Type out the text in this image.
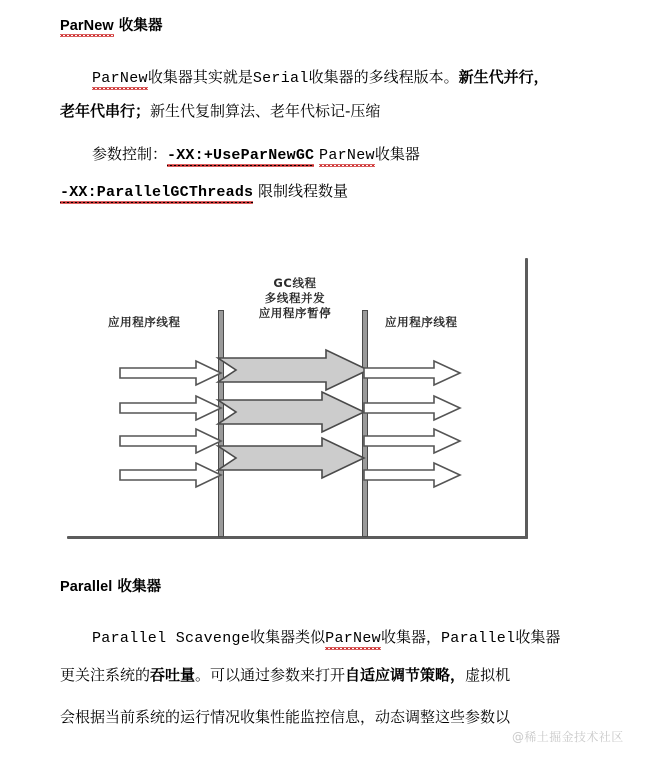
ParNew 收集器
ParNew收集器其实就是Serial收集器的多线程版本。新生代并行，
老年代串行；新生代复制算法、老年代标记-压缩
参数控制：-XX:+UseParNewGC ParNew收集器
-XX:ParallelGCThreads 限制线程数量
应用程序线程
GC线程
多线程并发
应用程序暂停
应用程序线程
Parallel 收集器
Parallel Scavenge收集器类似ParNew收集器，Parallel收集器
更关注系统的吞吐量。可以通过参数来打开自适应调节策略，虚拟机
会根据当前系统的运行情况收集性能监控信息，动态调整这些参数以
@稀土掘金技术社区
